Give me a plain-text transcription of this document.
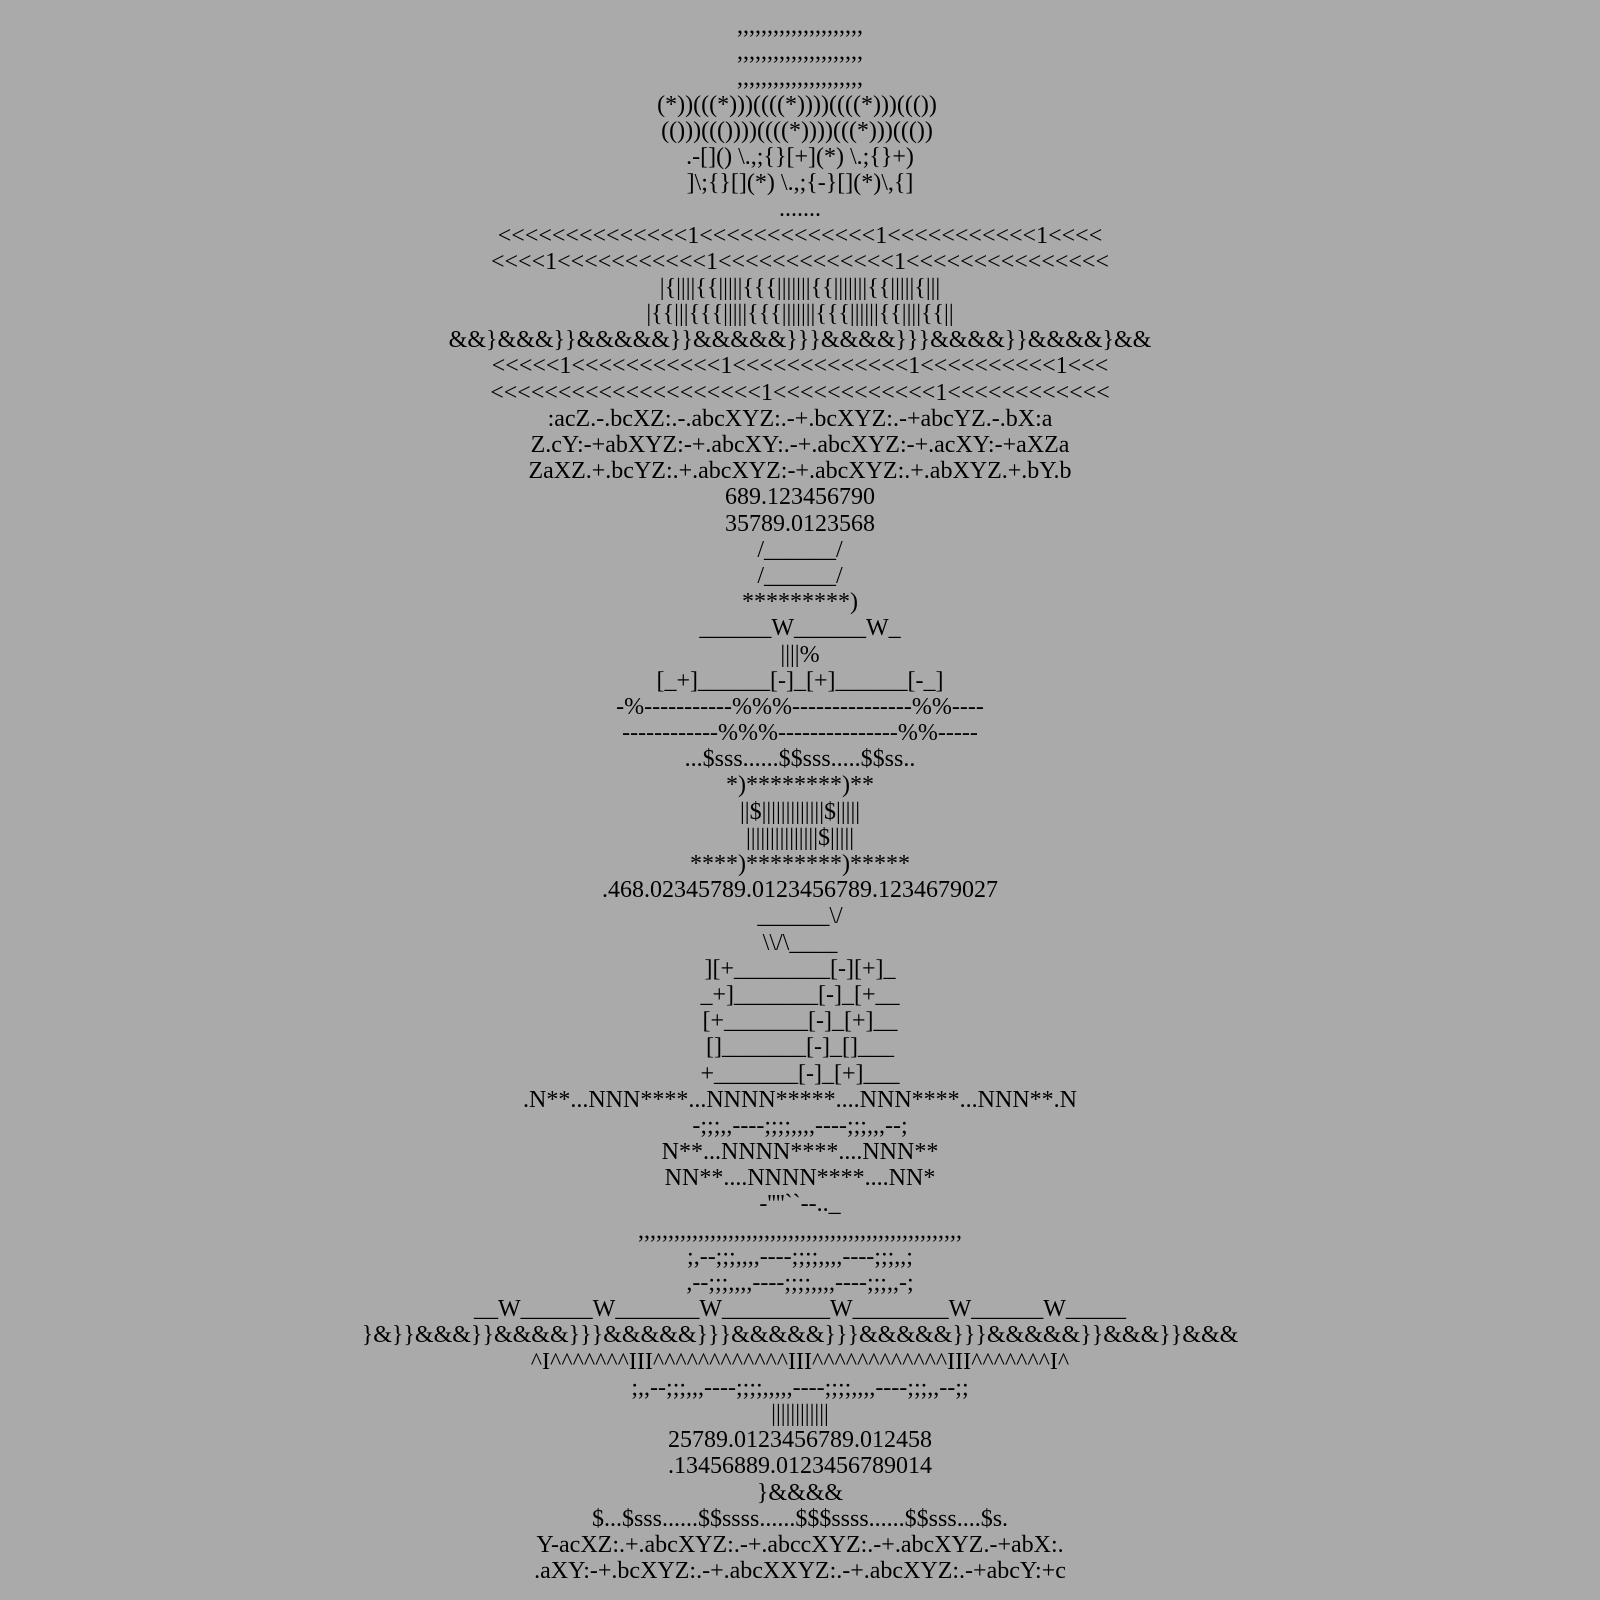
,,,,,,,,,,,,,,,,,,,,,
,,,,,,,,,,,,,,,,,,,,,
,,,,,,,,,,,,,,,,,,,,,
(*))(((*)))((((*))))((((*)))((())
(()))((())))((((*))))(((*)))((())
.-[]() \.,;{}[+](*) \.;{}+)
]\;{}[](*) \.,;{-}[](*)\,{]
.......
<<<<<<<<<<<<<<1<<<<<<<<<<<<<1<<<<<<<<<<<1<<<<
<<<<1<<<<<<<<<<<1<<<<<<<<<<<<<1<<<<<<<<<<<<<<<
|{||||{{|||||{{{|||||||{{|||||||{{|||||{|||
|{{|||{{{|||||{{{|||||||{{{||||||{{||||{{||
&&}&&&}}&&&&&}}&&&&&}}}&&&&}}}&&&&}}&&&&}&&
<<<<<1<<<<<<<<<<<1<<<<<<<<<<<<<1<<<<<<<<<<1<<<
<<<<<<<<<<<<<<<<<<<<1<<<<<<<<<<<<1<<<<<<<<<<<<
:acZ.-.bcXZ:.-.abcXYZ:.-+.bcXYZ:.-+abcYZ.-.bX:a
Z.cY:-+abXYZ:-+.abcXY:.-+.abcXYZ:-+.acXY:-+aXZa
ZaXZ.+.bcYZ:.+.abcXYZ:-+.abcXYZ:.+.abXYZ.+.bY.b
689.123456790
35789.0123568
/______/
/______/
*********)
______W______W_
||||%
[_+]______[-]_[+]______[-_]
-%-----------%%%---------------%%----
------------%%%---------------%%-----
...$sss......$$sss.....$$ss..
*)********)**
||$|||||||||||||$|||||
|||||||||||||||$|||||
****)********)*****
.468.02345789.0123456789.1234679027
______\/
\\/\____
][+________[-][+]_
_+]_______[-]_[+__
[+_______[-]_[+]__
[]_______[-]_[]___
+_______[-]_[+]___
.N**...NNN****...NNNN*****....NNN****...NNN**.N
-;;;,,----;;;;,,,,----;;;,,,--;
N**...NNNN****....NNN**
NN**....NNNN****....NN*
-''''``--.._
,,,,,,,,,,,,,,,,,,,,,,,,,,,,,,,,,,,,,,,,,,,,,,,,,,,,,,
;,--;;;,,,,----;;;;,,,,----;;;,,;
,--;;;,,,,----;;;;,,,,----;;;,,-;
__W______W_______W_________W________W______W_____
}&}}&&&}}&&&&}}}&&&&&}}}&&&&&}}}&&&&&}}}&&&&&}}&&&}}&&&
^I^^^^^^^III^^^^^^^^^^^^III^^^^^^^^^^^^III^^^^^^^I^
;,,--;;;,,,----;;;;,,,,,----;;;;,,,,----;;;,,--;;
||||||||||||
25789.0123456789.012458
.13456889.0123456789014
}&&&&
$...$sss......$$ssss......$$$ssss......$$sss....$s.
Y-acXZ:.+.abcXYZ:.-+.abccXYZ:.-+.abcXYZ.-+abX:.
.aXY:-+.bcXYZ:.-+.abcXXYZ:.-+.abcXYZ:.-+abcY:+c
